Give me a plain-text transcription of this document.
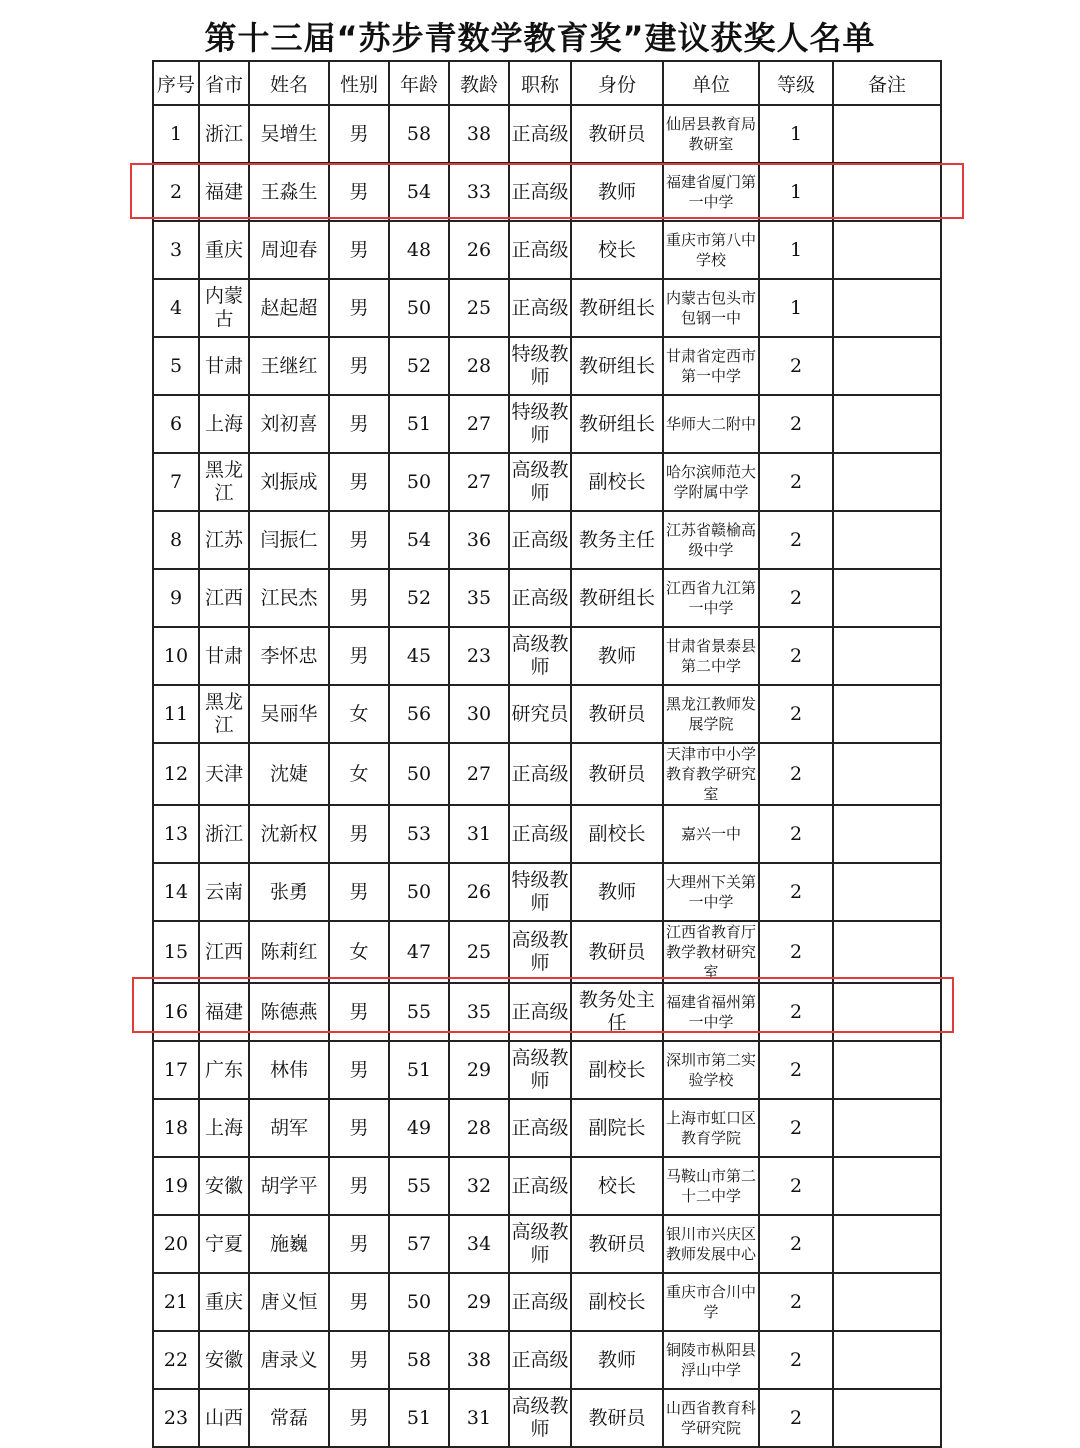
第十三届“苏步青数学教育奖”建议获奖人名单
序号	省市	姓名	性别	年龄	教龄	职称	身份	单位	等级	备注
1	浙江	吴增生	男	58	38	正高级	教研员	仙居县教育局教研室	1	
2	福建	王淼生	男	54	33	正高级	教师	福建省厦门第一中学	1	
3	重庆	周迎春	男	48	26	正高级	校长	重庆市第八中学校	1	
4	内蒙古	赵起超	男	50	25	正高级	教研组长	内蒙古包头市包钢一中	1	
5	甘肃	王继红	男	52	28	特级教师	教研组长	甘肃省定西市第一中学	2	
6	上海	刘初喜	男	51	27	特级教师	教研组长	华师大二附中	2	
7	黑龙江	刘振成	男	50	27	高级教师	副校长	哈尔滨师范大学附属中学	2	
8	江苏	闫振仁	男	54	36	正高级	教务主任	江苏省赣榆高级中学	2	
9	江西	江民杰	男	52	35	正高级	教研组长	江西省九江第一中学	2	
10	甘肃	李怀忠	男	45	23	高级教师	教师	甘肃省景泰县第二中学	2	
11	黑龙江	吴丽华	女	56	30	研究员	教研员	黑龙江教师发展学院	2	
12	天津	沈婕	女	50	27	正高级	教研员	天津市中小学教育教学研究室	2	
13	浙江	沈新权	男	53	31	正高级	副校长	嘉兴一中	2	
14	云南	张勇	男	50	26	特级教师	教师	大理州下关第一中学	2	
15	江西	陈莉红	女	47	25	高级教师	教研员	江西省教育厅教学教材研究室	2	
16	福建	陈德燕	男	55	35	正高级	教务处主任	福建省福州第一中学	2	
17	广东	林伟	男	51	29	高级教师	副校长	深圳市第二实验学校	2	
18	上海	胡军	男	49	28	正高级	副院长	上海市虹口区教育学院	2	
19	安徽	胡学平	男	55	32	正高级	校长	马鞍山市第二十二中学	2	
20	宁夏	施巍	男	57	34	高级教师	教研员	银川市兴庆区教师发展中心	2	
21	重庆	唐义恒	男	50	29	正高级	副校长	重庆市合川中学	2	
22	安徽	唐录义	男	58	38	正高级	教师	铜陵市枞阳县浮山中学	2	
23	山西	常磊	男	51	31	高级教师	教研员	山西省教育科学研究院	2	
